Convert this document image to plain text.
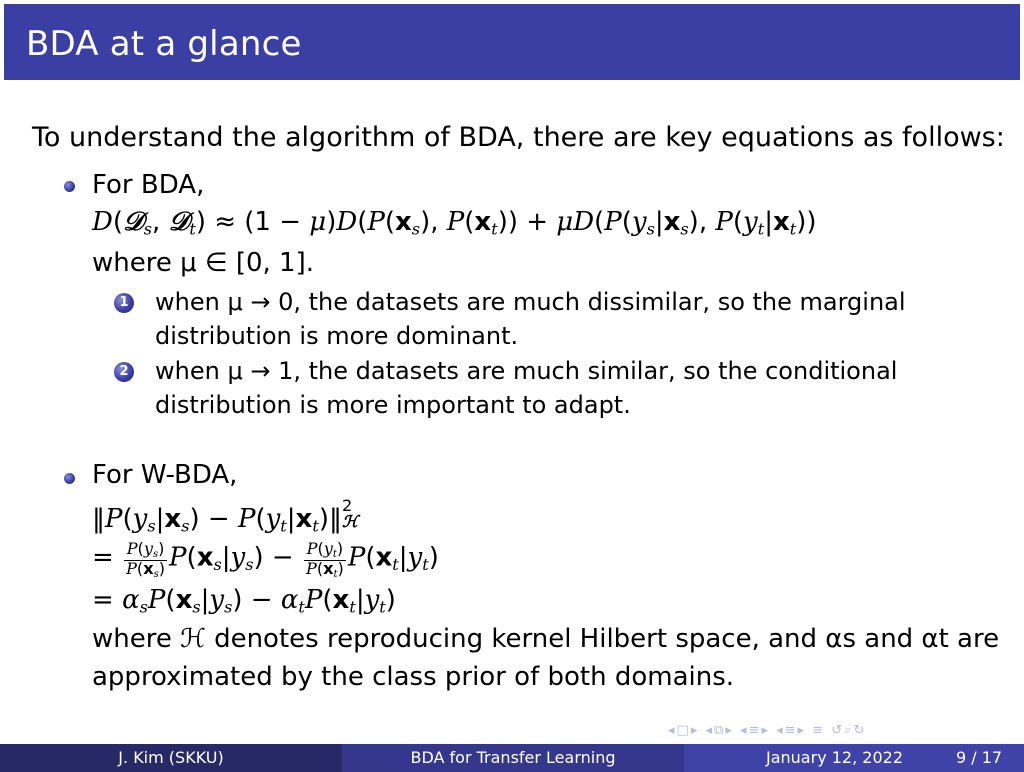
BDA at a glance
To understand the algorithm of BDA, there are key equations as follows:
For BDA,
D(𝒟$_s$, 𝒟$_t$) ≈ $(1 - \mu)D(P(x_s)$, $P(x_t)) + \mu D(P(y_s|x_s)$, $P(y_t|x_t)$)
where μ ∈ [0, 1].
1 when μ → 0, the datasets are much dissimilar, so the marginal
distribution is more dominant.
2 when μ → 1, the datasets are much similar, so the conditional
distribution is more important to adapt.
For W-BDA,
$‖P(y_s|x_s)$ − $P(y_t|x_t)‖$ 2
ℋ
= $\frac{P(y_s)}{P(x_s)} P(x_s|y_s) - \frac{P(y_t)}{P(x_t)} P(x_t|y_t)$
= $\alpha_sP(x_s|y_s) - \alpha_tP(x_t|y_t)$
where ℋ denotes reproducing kernel Hilbert space, and αs and αt are
approximated by the class prior of both domains.
◂□▸ ◂⧉▸ ◂≡▸ ◂≡▸ ≡ ↺⌕↻
J. Kim (SKKU)	BDA for Transfer Learning	January 12, 2022	9 / 17
